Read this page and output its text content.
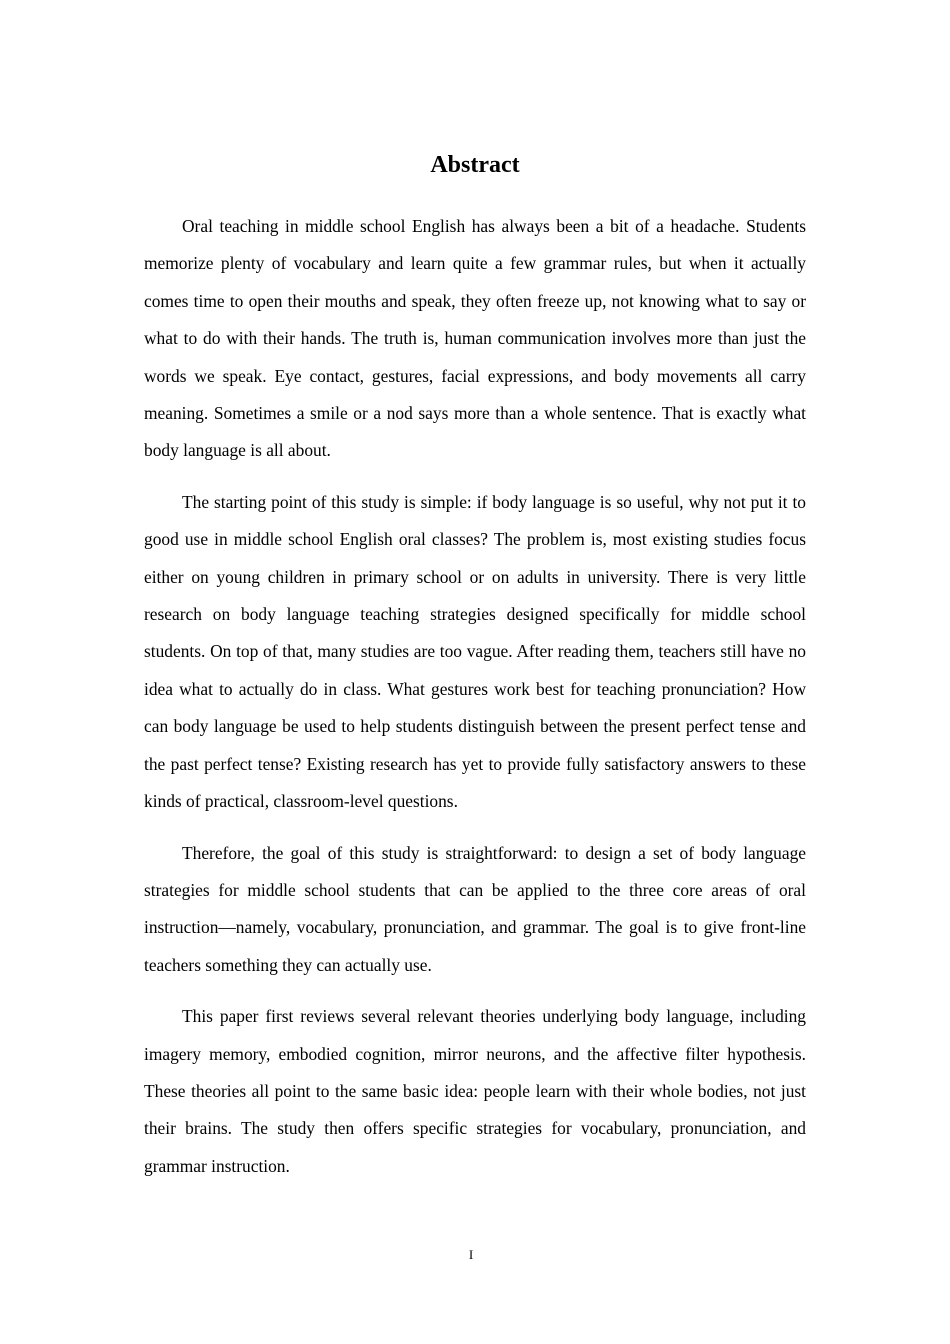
Abstract

Oral teaching in middle school English has always been a bit of a headache. Students memorize plenty of vocabulary and learn quite a few grammar rules, but when it actually comes time to open their mouths and speak, they often freeze up, not knowing what to say or what to do with their hands. The truth is, human communication involves more than just the words we speak. Eye contact, gestures, facial expressions, and body movements all carry meaning. Sometimes a smile or a nod says more than a whole sentence. That is exactly what body language is all about.

The starting point of this study is simple: if body language is so useful, why not put it to good use in middle school English oral classes? The problem is, most existing studies focus either on young children in primary school or on adults in university. There is very little research on body language teaching strategies designed specifically for middle school students. On top of that, many studies are too vague. After reading them, teachers still have no idea what to actually do in class. What gestures work best for teaching pronunciation? How can body language be used to help students distinguish between the present perfect tense and the past perfect tense? Existing research has yet to provide fully satisfactory answers to these kinds of practical, classroom-level questions.

Therefore, the goal of this study is straightforward: to design a set of body language strategies for middle school students that can be applied to the three core areas of oral instruction—namely, vocabulary, pronunciation, and grammar. The goal is to give front-line teachers something they can actually use.

This paper first reviews several relevant theories underlying body language, including imagery memory, embodied cognition, mirror neurons, and the affective filter hypothesis. These theories all point to the same basic idea: people learn with their whole bodies, not just their brains. The study then offers specific strategies for vocabulary, pronunciation, and grammar instruction.

I
